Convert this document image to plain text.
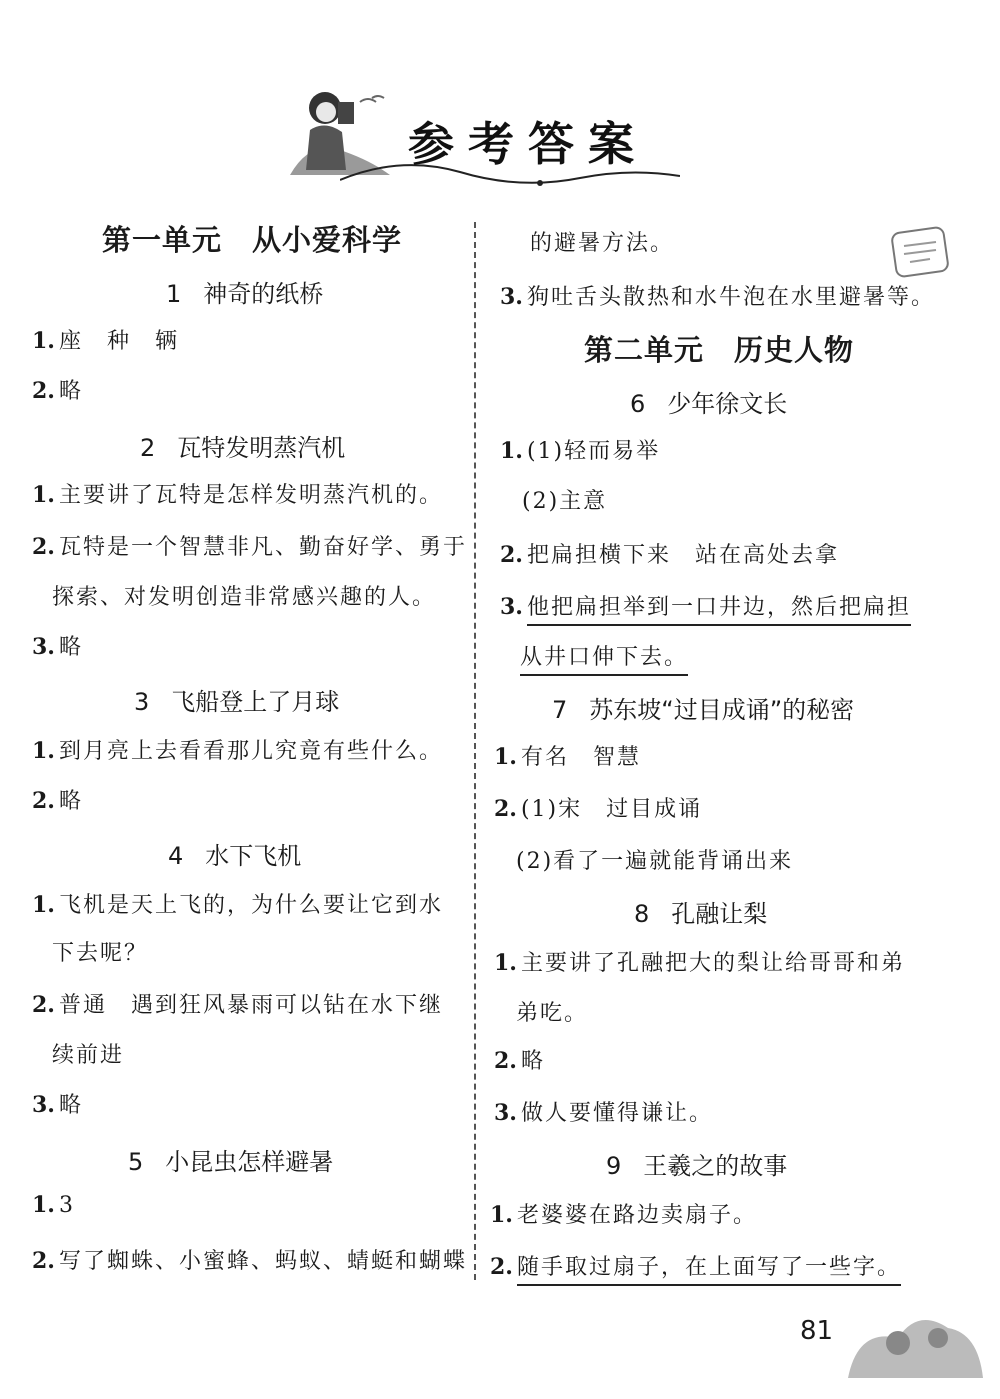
参考答案
第一单元　从小爱科学
1 神奇的纸桥
1. 座　种　辆
2. 略
2 瓦特发明蒸汽机
1. 主要讲了瓦特是怎样发明蒸汽机的。
2. 瓦特是一个智慧非凡、勤奋好学、勇于
探索、对发明创造非常感兴趣的人。
3. 略
3 飞船登上了月球
1. 到月亮上去看看那儿究竟有些什么。
2. 略
4 水下飞机
1. 飞机是天上飞的，为什么要让它到水
下去呢？
2. 普通　遇到狂风暴雨可以钻在水下继
续前进
3. 略
5 小昆虫怎样避暑
1. 3
2. 写了蜘蛛、小蜜蜂、蚂蚁、蜻蜓和蝴蝶
的避暑方法。
3. 狗吐舌头散热和水牛泡在水里避暑等。
第二单元　历史人物
6 少年徐文长
1. (1)轻而易举
(2)主意
2. 把扁担横下来　站在高处去拿
3. 他把扁担举到一口井边，然后把扁担
从井口伸下去。
7 苏东坡“过目成诵”的秘密
1. 有名　智慧
2. (1)宋　过目成诵
(2)看了一遍就能背诵出来
8 孔融让梨
1. 主要讲了孔融把大的梨让给哥哥和弟
弟吃。
2. 略
3. 做人要懂得谦让。
9 王羲之的故事
1. 老婆婆在路边卖扇子。
2. 随手取过扇子，在上面写了一些字。
81
